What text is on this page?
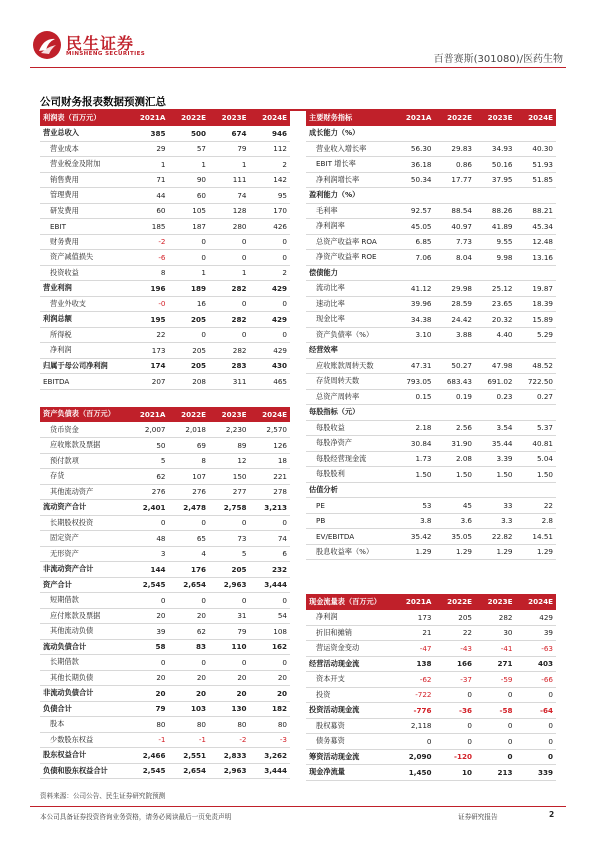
民生证券
MINSHENG SECURITIES	百普赛斯(301080)/医药生物
公司财务报表数据预测汇总
利润表（百万元）	2021A	2022E	2023E	2024E
营业总收入	385	500	674	946
营业成本	29	57	79	112
营业税金及附加	1	1	1	2
销售费用	71	90	111	142
管理费用	44	60	74	95
研发费用	60	105	128	170
EBIT	185	187	280	426
财务费用	-2	0	0	0
资产减值损失	-6	0	0	0
投资收益	8	1	1	2
营业利润	196	189	282	429
营业外收支	-0	16	0	0
利润总额	195	205	282	429
所得税	22	0	0	0
净利润	173	205	282	429
归属于母公司净利润	174	205	283	430
EBITDA	207	208	311	465
资产负债表（百万元）	2021A	2022E	2023E	2024E
货币资金	2,007	2,018	2,230	2,570
应收账款及票据	50	69	89	126
预付款项	5	8	12	18
存货	62	107	150	221
其他流动资产	276	276	277	278
流动资产合计	2,401	2,478	2,758	3,213
长期股权投资	0	0	0	0
固定资产	48	65	73	74
无形资产	3	4	5	6
非流动资产合计	144	176	205	232
资产合计	2,545	2,654	2,963	3,444
短期借款	0	0	0	0
应付账款及票据	20	20	31	54
其他流动负债	39	62	79	108
流动负债合计	58	83	110	162
长期借款	0	0	0	0
其他长期负债	20	20	20	20
非流动负债合计	20	20	20	20
负债合计	79	103	130	182
股本	80	80	80	80
少数股东权益	-1	-1	-2	-3
股东权益合计	2,466	2,551	2,833	3,262
负债和股东权益合计	2,545	2,654	2,963	3,444
主要财务指标	2021A	2022E	2023E	2024E
成长能力（%）				
营业收入增长率	56.30	29.83	34.93	40.30
EBIT 增长率	36.18	0.86	50.16	51.93
净利润增长率	50.34	17.77	37.95	51.85
盈利能力（%）				
毛利率	92.57	88.54	88.26	88.21
净利润率	45.05	40.97	41.89	45.34
总资产收益率 ROA	6.85	7.73	9.55	12.48
净资产收益率 ROE	7.06	8.04	9.98	13.16
偿债能力				
流动比率	41.12	29.98	25.12	19.87
速动比率	39.96	28.59	23.65	18.39
现金比率	34.38	24.42	20.32	15.89
资产负债率（%）	3.10	3.88	4.40	5.29
经营效率				
应收账款周转天数	47.31	50.27	47.98	48.52
存货周转天数	793.05	683.43	691.02	722.50
总资产周转率	0.15	0.19	0.23	0.27
每股指标（元）				
每股收益	2.18	2.56	3.54	5.37
每股净资产	30.84	31.90	35.44	40.81
每股经营现金流	1.73	2.08	3.39	5.04
每股股利	1.50	1.50	1.50	1.50
估值分析				
PE	53	45	33	22
PB	3.8	3.6	3.3	2.8
EV/EBITDA	35.42	35.05	22.82	14.51
股息收益率（%）	1.29	1.29	1.29	1.29
现金流量表（百万元）	2021A	2022E	2023E	2024E
净利润	173	205	282	429
折旧和摊销	21	22	30	39
营运资金变动	-47	-43	-41	-63
经营活动现金流	138	166	271	403
资本开支	-62	-37	-59	-66
投资	-722	0	0	0
投资活动现金流	-776	-36	-58	-64
股权募资	2,118	0	0	0
债务募资	0	0	0	0
筹资活动现金流	2,090	-120	0	0
现金净流量	1,450	10	213	339
资料来源：公司公告、民生证券研究院预测
本公司具备证券投资咨询业务资格，请务必阅读最后一页免责声明	证券研究报告	2
